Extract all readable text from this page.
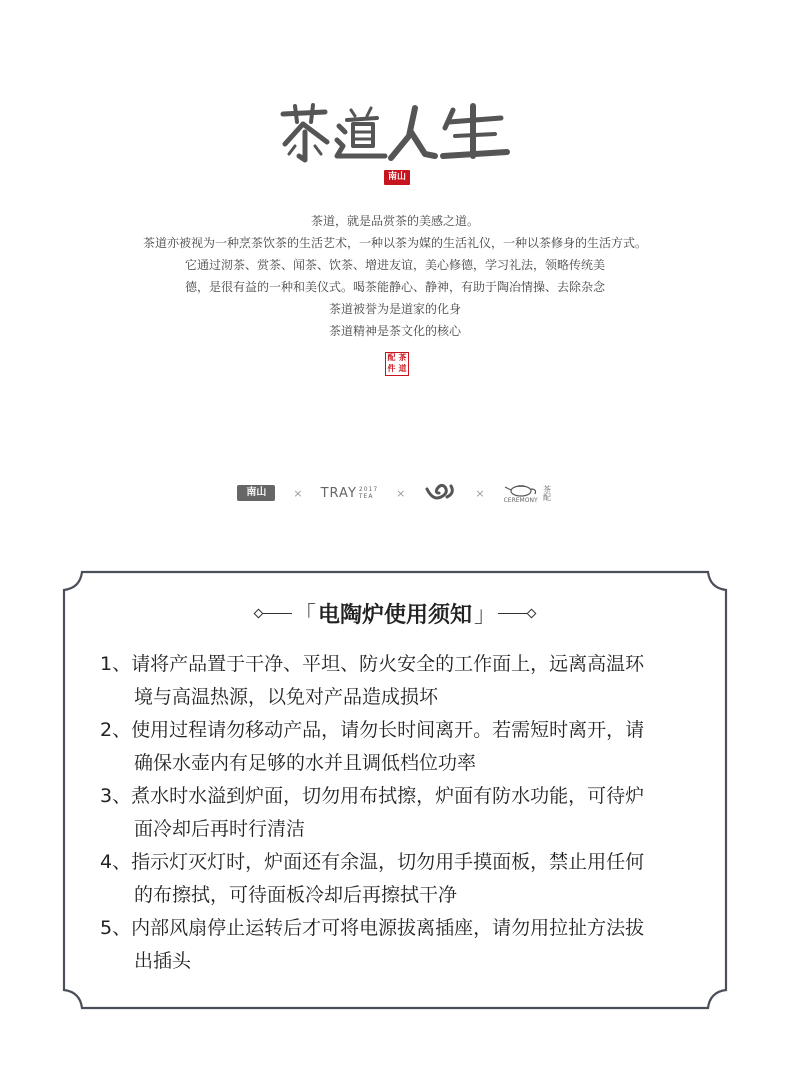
南山
茶道，就是品赏茶的美感之道。
茶道亦被视为一种烹茶饮茶的生活艺术，一种以茶为媒的生活礼仪，一种以茶修身的生活方式。
它通过沏茶、赏茶、闻茶、饮茶、增进友谊，美心修德，学习礼法，领略传统美
德，是很有益的一种和美仪式。喝茶能静心、静神，有助于陶冶情操、去除杂念
茶道被誉为是道家的化身
茶道精神是茶文化的核心
配 茶
件 道
南山	× TRAY 2017
TEA	×	×
CEREMONY 茶配
「 电陶炉使用须知 」
1、请将产品置于干净、平坦、防火安全的工作面上，远离高温环
境与高温热源，以免对产品造成损坏
2、使用过程请勿移动产品，请勿长时间离开。若需短时离开，请
确保水壶内有足够的水并且调低档位功率
3、煮水时水溢到炉面，切勿用布拭擦，炉面有防水功能，可待炉
面冷却后再时行清洁
4、指示灯灭灯时，炉面还有余温，切勿用手摸面板，禁止用任何
的布擦拭，可待面板冷却后再擦拭干净
5、内部风扇停止运转后才可将电源拔离插座，请勿用拉扯方法拔
出插头
